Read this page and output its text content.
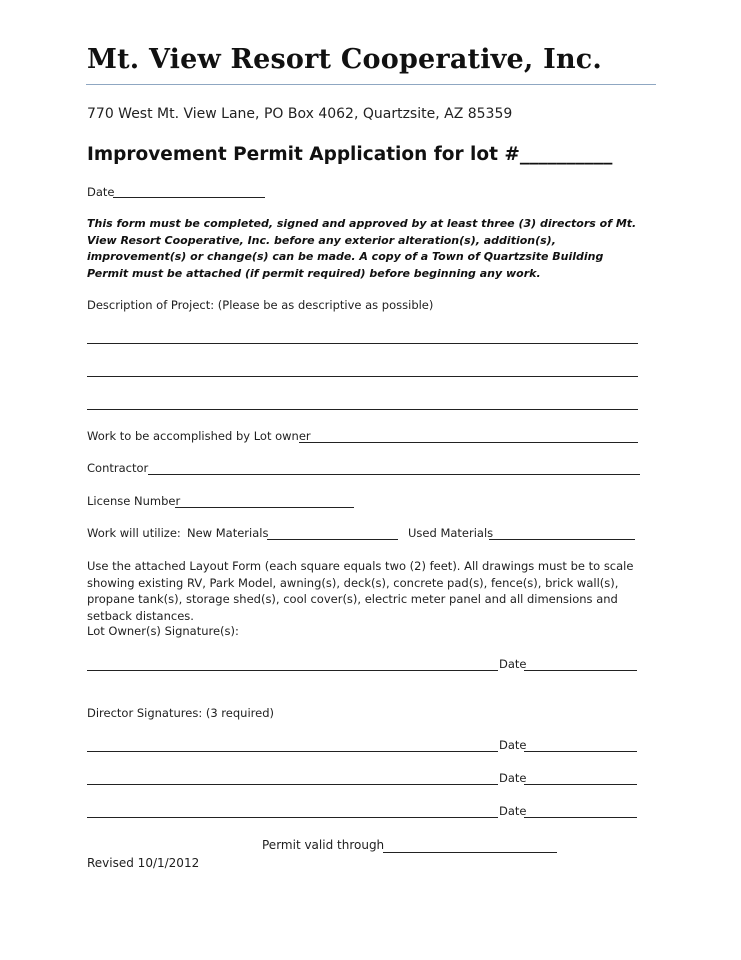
Mt. View Resort Cooperative, Inc.
770 West Mt. View Lane, PO Box 4062, Quartzsite, AZ 85359
Improvement Permit Application for lot #__________
Date
This form must be completed, signed and approved by at least three (3) directors of Mt. View Resort Cooperative, Inc. before any exterior alteration(s), addition(s), improvement(s) or change(s) can be made. A copy of a Town of Quartzsite Building Permit must be attached (if permit required) before beginning any work.
Description of Project: (Please be as descriptive as possible)
Work to be accomplished by Lot owner
Contractor
License Number
Work will utilize: New Materials	Used Materials
Use the attached Layout Form (each square equals two (2) feet). All drawings must be to scale showing existing RV, Park Model, awning(s), deck(s), concrete pad(s), fence(s), brick wall(s), propane tank(s), storage shed(s), cool cover(s), electric meter panel and all dimensions and setback distances.
Lot Owner(s) Signature(s):
Date
Director Signatures: (3 required)
Date
Date
Date
Permit valid through
Revised 10/1/2012
